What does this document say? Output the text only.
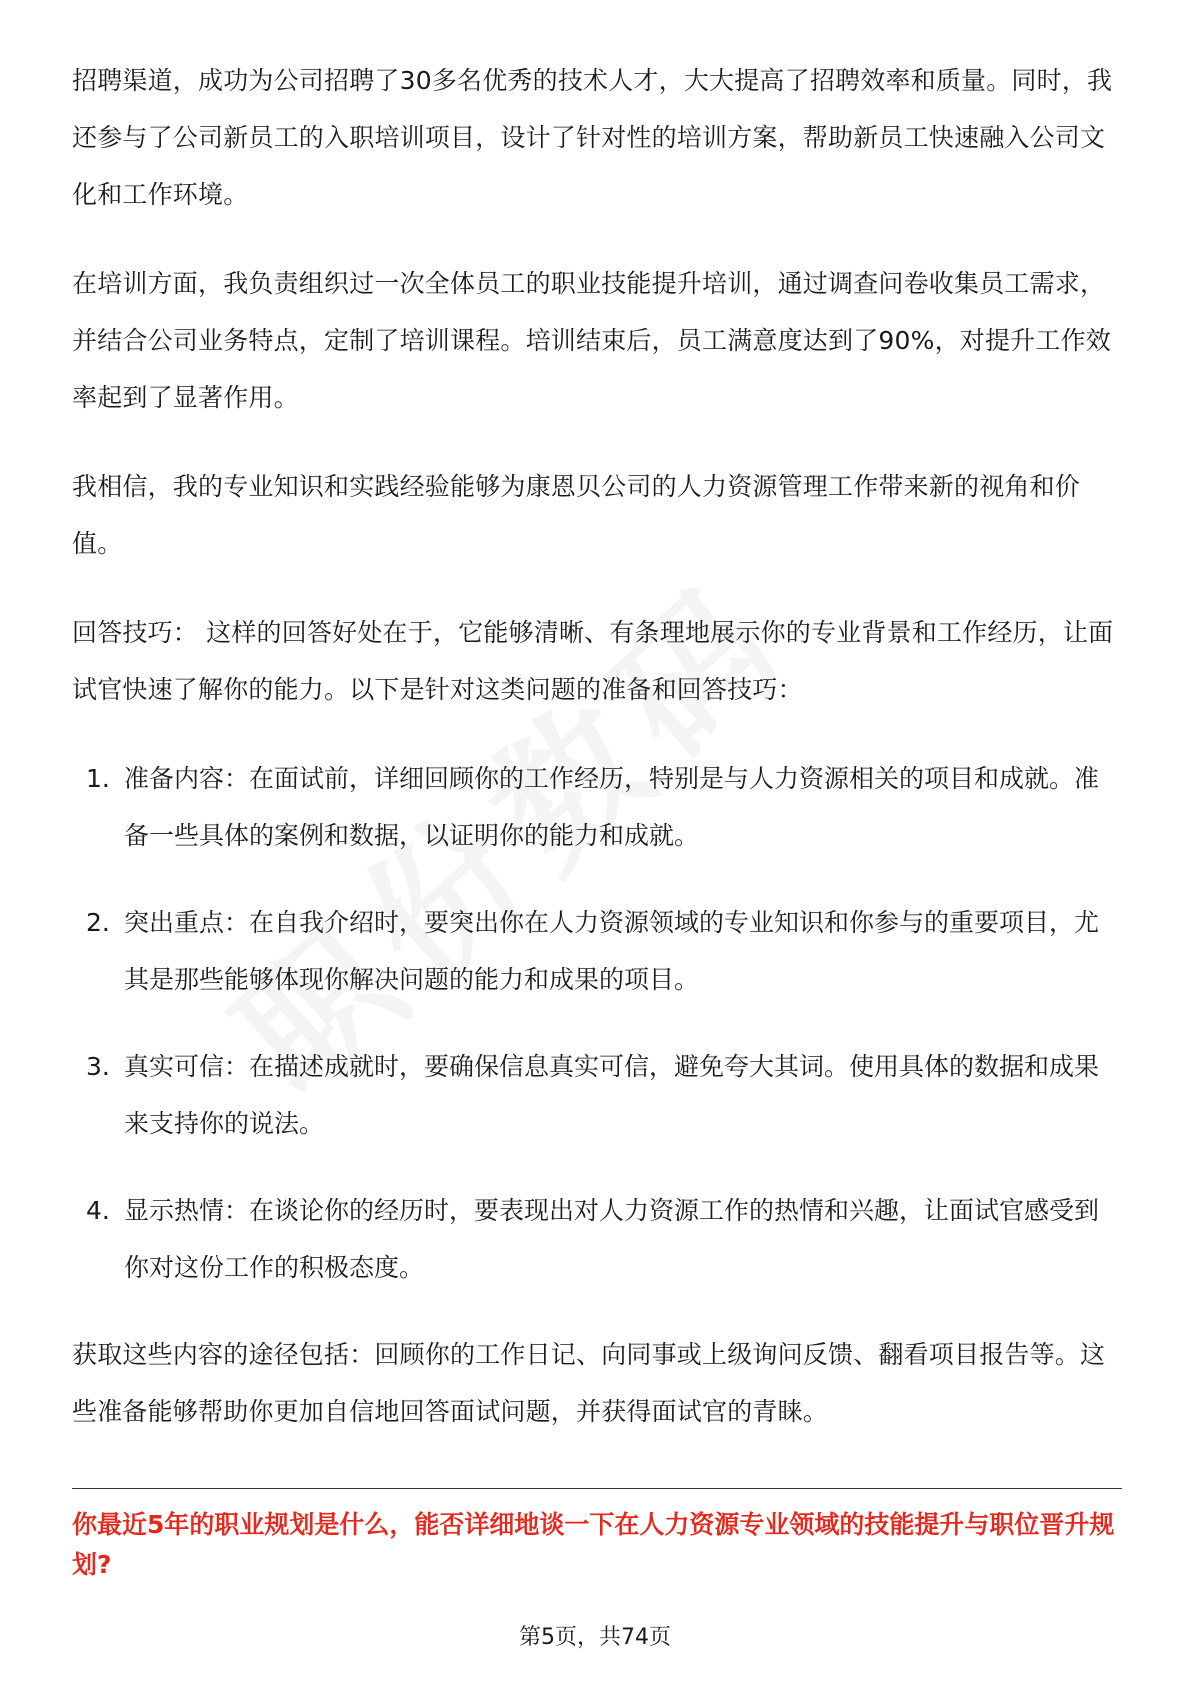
招聘渠道，成功为公司招聘了30多名优秀的技术人才，大大提高了招聘效率和质量。同时，我还参与了公司新员工的入职培训项目，设计了针对性的培训方案，帮助新员工快速融入公司文化和工作环境。

在培训方面，我负责组织过一次全体员工的职业技能提升培训，通过调查问卷收集员工需求，并结合公司业务特点，定制了培训课程。培训结束后，员工满意度达到了90%，对提升工作效率起到了显著作用。

我相信，我的专业知识和实践经验能够为康恩贝公司的人力资源管理工作带来新的视角和价值。

回答技巧： 这样的回答好处在于，它能够清晰、有条理地展示你的专业背景和工作经历，让面试官快速了解你的能力。以下是针对这类问题的准备和回答技巧：

1. 准备内容：在面试前，详细回顾你的工作经历，特别是与人力资源相关的项目和成就。准备一些具体的案例和数据，以证明你的能力和成就。
2. 突出重点：在自我介绍时，要突出你在人力资源领域的专业知识和你参与的重要项目，尤其是那些能够体现你解决问题的能力和成果的项目。
3. 真实可信：在描述成就时，要确保信息真实可信，避免夸大其词。使用具体的数据和成果来支持你的说法。
4. 显示热情：在谈论你的经历时，要表现出对人力资源工作的热情和兴趣，让面试官感受到你对这份工作的积极态度。

获取这些内容的途径包括：回顾你的工作日记、向同事或上级询问反馈、翻看项目报告等。这些准备能够帮助你更加自信地回答面试问题，并获得面试官的青睐。

你最近5年的职业规划是什么，能否详细地谈一下在人力资源专业领域的技能提升与职位晋升规划?

第5页，共74页
